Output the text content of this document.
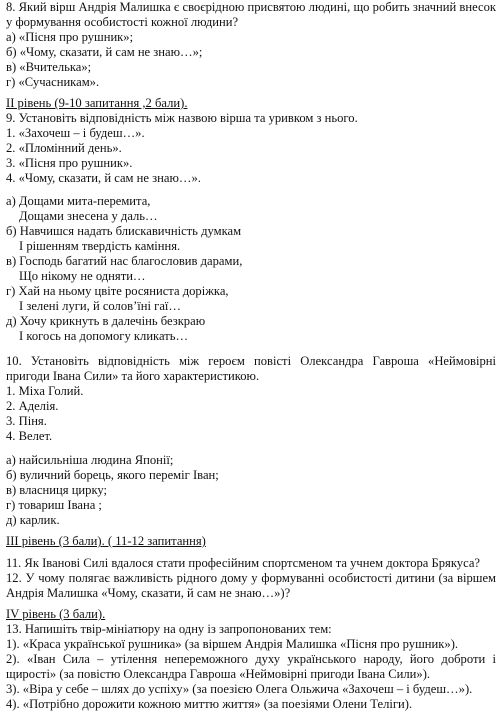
8. Який вірш Андрія Малишка є своєрідною присвятою людині, що робить значний внесок
у формування особистості кожної людини?
а) «Пісня про рушник»;
б) «Чому, сказати, й сам не знаю…»;
в) «Вчителька»;
г) «Сучасникам».
ІІ рівень (9-10 запитання ,2 бали).
9. Установіть відповідність між назвою вірша та уривком з нього.
1. «Захочеш – і будеш…».
2. «Пломінний день».
3. «Пісня про рушник».
4. «Чому, сказати, й сам не знаю…».
а) Дощами мита-перемита,
Дощами знесена у даль…
б) Навчишся надать блискавичність думкам
І рішенням твердість каміння.
в) Господь багатий нас благословив дарами,
Що нікому не одняти…
г) Хай на ньому цвіте росяниста доріжка,
І зелені луги, й солов’їні гаї…
д) Хочу крикнуть в далечінь безкраю
І когось на допомогу кликать…
10. Установіть відповідність між героєм повісті Олександра Гавроша «Неймовірні
пригоди Івана Сили» та його характеристикою.
1. Міха Голий.
2. Аделія.
3. Піня.
4. Велет.
а) найсильніша людина Японії;
б) вуличний борець, якого переміг Іван;
в) власниця цирку;
г) товариш Івана ;
д) карлик.
ІІІ рівень (3 бали). ( 11-12 запитання)
11. Як Іванові Силі вдалося стати професійним спортсменом та учнем доктора Брякуса?
12. У чому полягає важливість рідного дому у формуванні особистості дитини (за віршем
Андрія Малишка «Чому, сказати, й сам не знаю…»)?
IV рівень (3 бали).
13. Напишіть твір-мініатюру на одну із запропонованих тем:
1). «Краса української рушника» (за віршем Андрія Малишка «Пісня про рушник»).
2). «Іван Сила – утілення непереможного духу українського народу, його доброти і
щирості» (за повістю Олександра Гавроша «Неймовірні пригоди Івана Сили»).
3). «Віра у себе – шлях до успіху» (за поезією Олега Ольжича «Захочеш – і будеш…»).
4). «Потрібно дорожити кожною миттю життя» (за поезіями Олени Теліги).
